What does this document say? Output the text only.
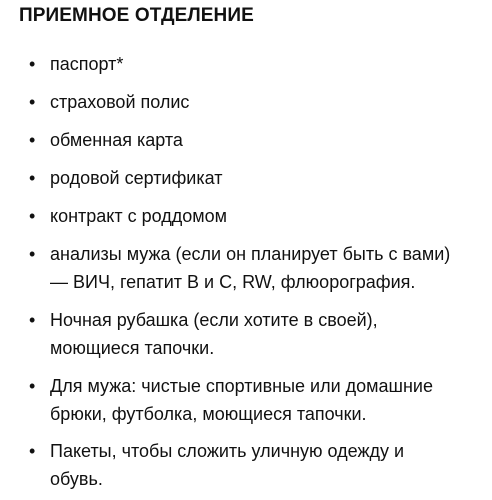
ПРИЕМНОЕ ОТДЕЛЕНИЕ
• паспорт*
• страховой полис
• обменная карта
• родовой сертификат
• контракт с роддомом
• анализы мужа (если он планирует быть с вами)
— ВИЧ, гепатит В и С, RW, флюорография.
• Ночная рубашка (если хотите в своей),
моющиеся тапочки.
• Для мужа: чистые спортивные или домашние
брюки, футболка, моющиеся тапочки.
• Пакеты, чтобы сложить уличную одежду и
обувь.
